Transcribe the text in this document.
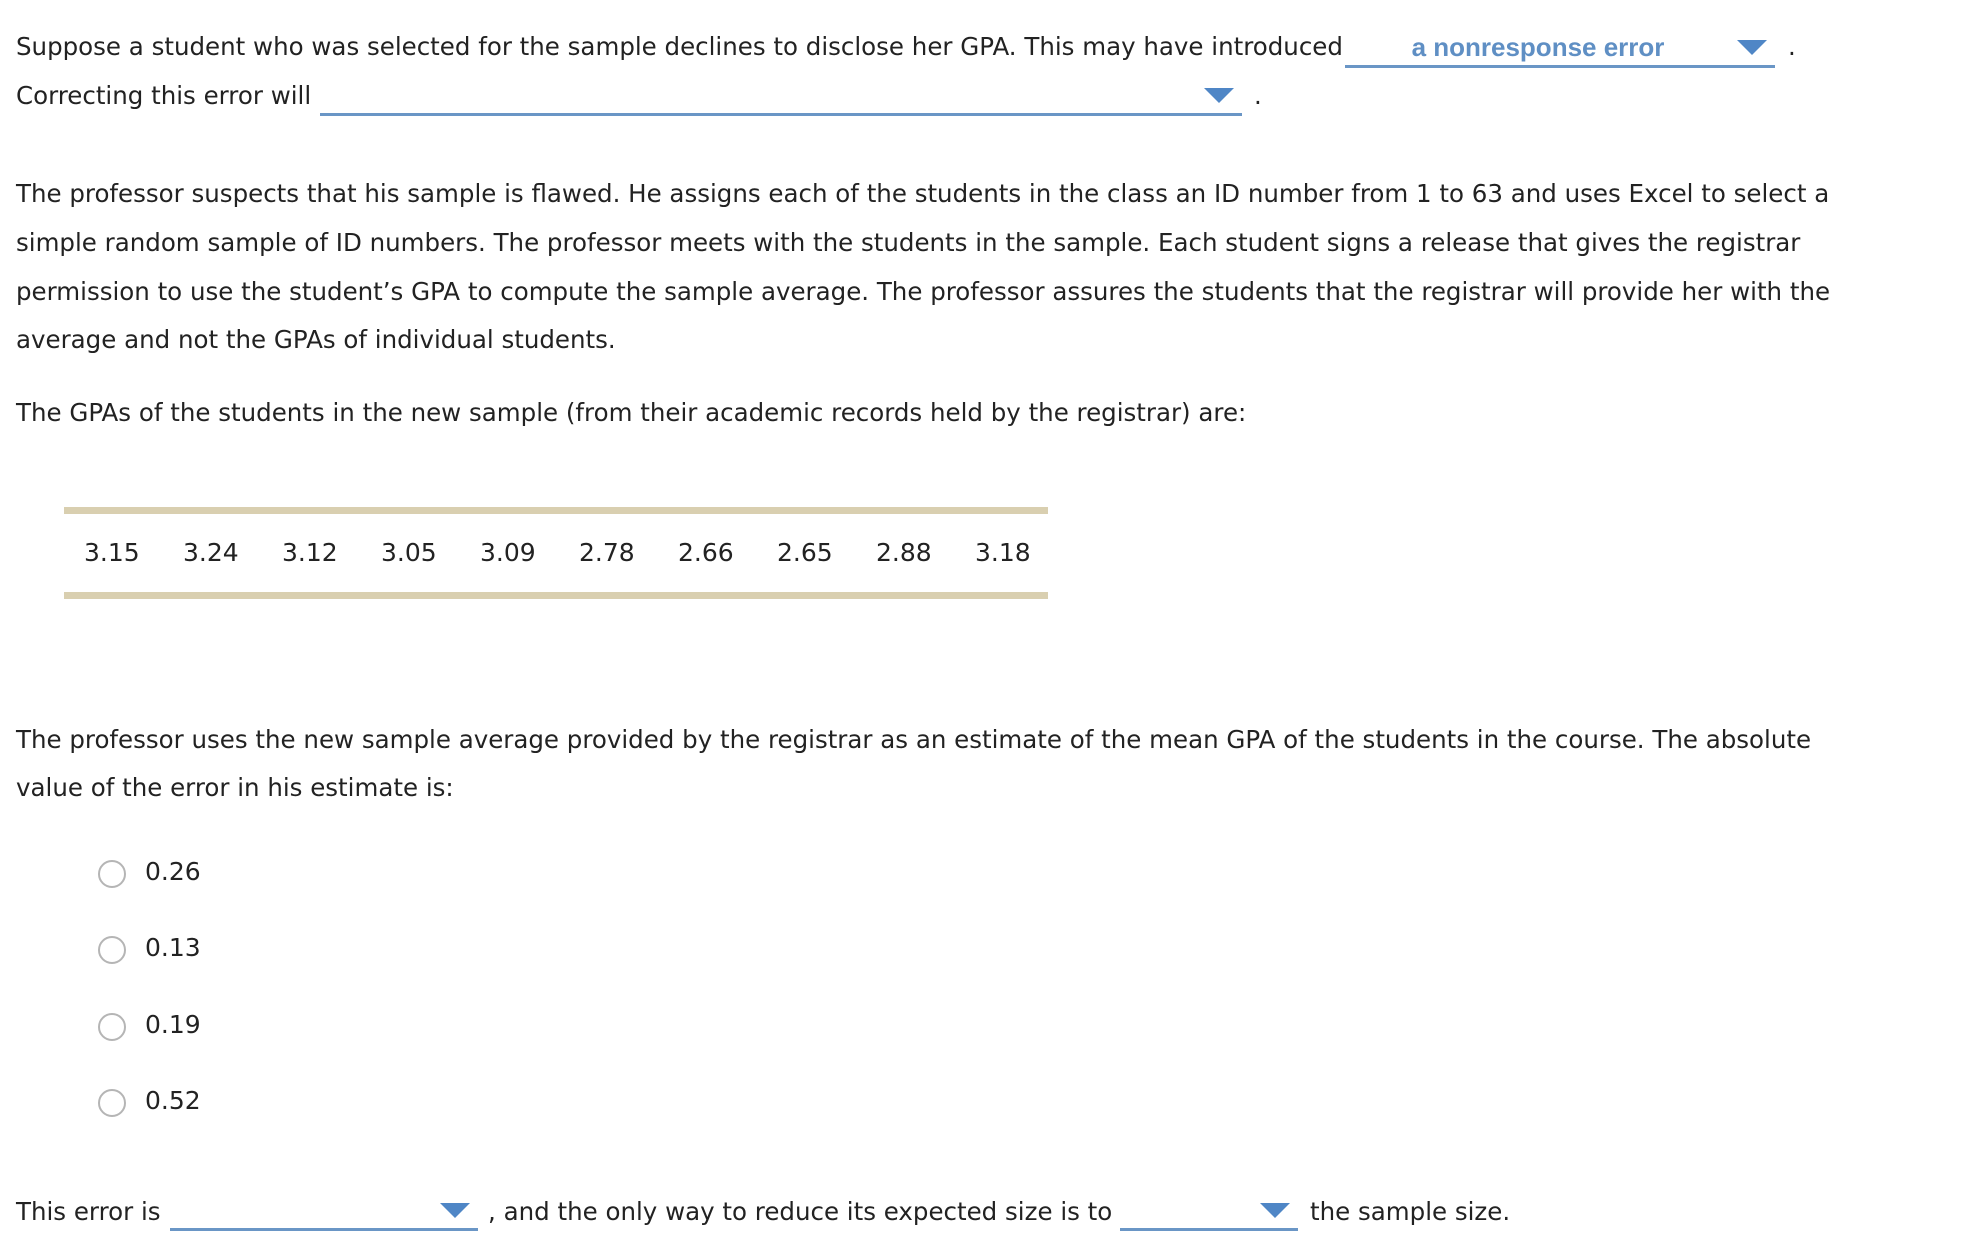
Suppose a student who was selected for the sample declines to disclose her GPA. This may have introduced	a nonresponse error	.
Correcting this error will	.
The professor suspects that his sample is flawed. He assigns each of the students in the class an ID number from 1 to 63 and uses Excel to select a
simple random sample of ID numbers. The professor meets with the students in the sample. Each student signs a release that gives the registrar
permission to use the student’s GPA to compute the sample average. The professor assures the students that the registrar will provide her with the
average and not the GPAs of individual students.
The GPAs of the students in the new sample (from their academic records held by the registrar) are:
3.15 3.24 3.12 3.05 3.09 2.78 2.66 2.65 2.88 3.18
The professor uses the new sample average provided by the registrar as an estimate of the mean GPA of the students in the course. The absolute
value of the error in his estimate is:
0.26
0.13
0.19
0.52
This error is	, and the only way to reduce its expected size is to	the sample size.
